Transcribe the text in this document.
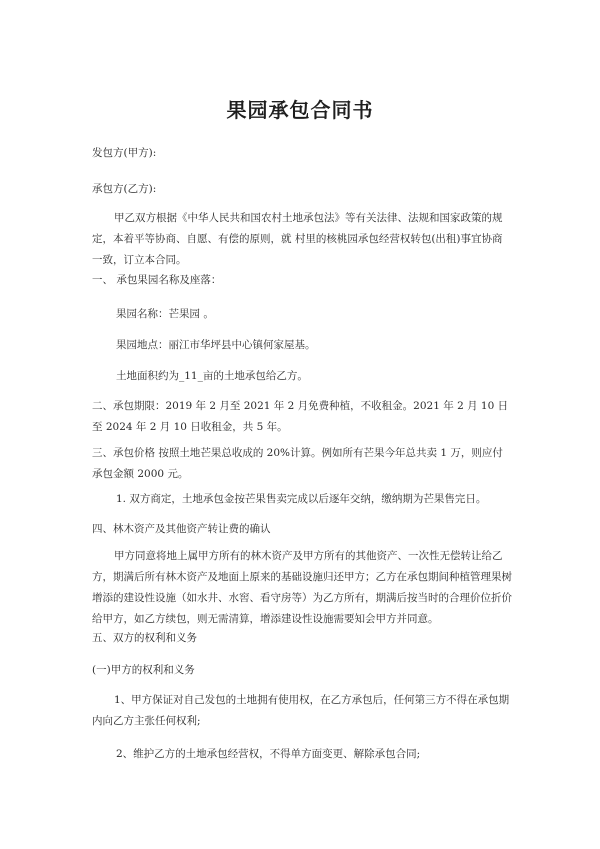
果园承包合同书
发包方(甲方):
承包方(乙方):
甲乙双方根据《中华人民共和国农村土地承包法》等有关法律、法规和国家政策的规定，本着平等协商、自愿、有偿的原则，就 村里的核桃园承包经营权转包(出租)事宜协商一致，订立本合同。
一、 承包果园名称及座落：
果园名称：芒果园 。
果园地点：丽江市华坪县中心镇何家屋基。
土地面积约为_11_亩的土地承包给乙方。
二、承包期限：2019 年 2 月至 2021 年 2 月免费种植，不收租金。2021 年 2 月 10 日至 2024 年 2 月 10 日收租金，共 5 年。
三、承包价格 按照土地芒果总收成的 20%计算。例如所有芒果今年总共卖 1 万，则应付承包金额 2000 元。
1. 双方商定，土地承包金按芒果售卖完成以后逐年交纳，缴纳期为芒果售完日。
四、林木资产及其他资产转让费的确认
甲方同意将地上属甲方所有的林木资产及甲方所有的其他资产、一次性无偿转让给乙方，期满后所有林木资产及地面上原来的基础设施归还甲方；乙方在承包期间种植管理果树增添的建设性设施（如水井、水窖、看守房等）为乙方所有，期满后按当时的合理价位折价给甲方，如乙方续包，则无需清算，增添建设性设施需要知会甲方并同意。
五、双方的权利和义务
(一)甲方的权利和义务
1、甲方保证对自己发包的土地拥有使用权，在乙方承包后，任何第三方不得在承包期内向乙方主张任何权利;
2、维护乙方的土地承包经营权，不得单方面变更、解除承包合同;
